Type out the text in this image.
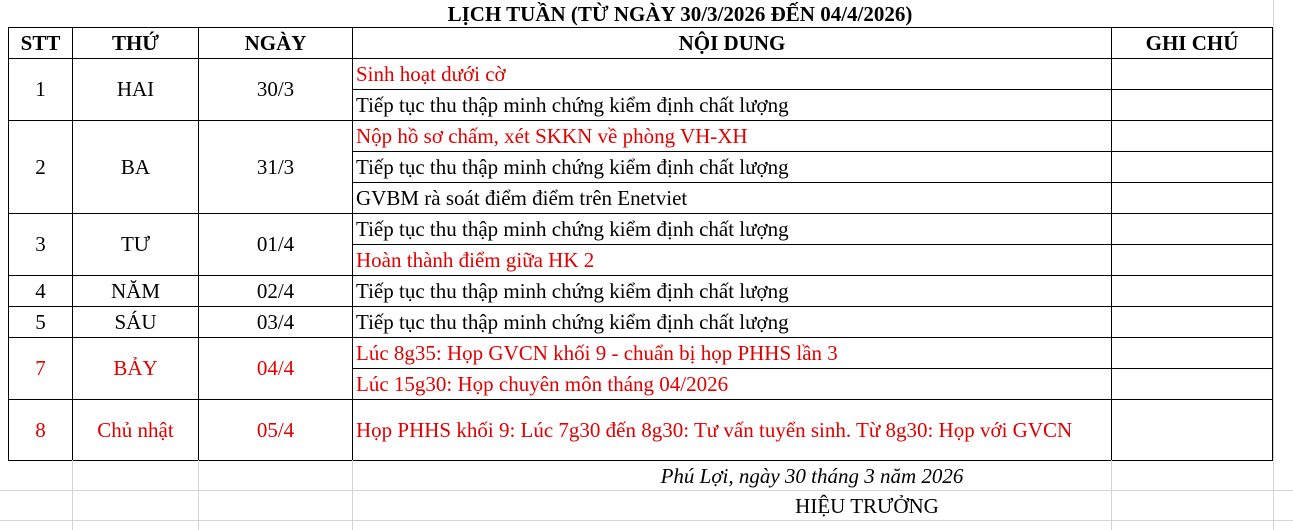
LỊCH TUẦN (TỪ NGÀY 30/3/2026 ĐẾN 04/4/2026)
STT	THỨ	NGÀY	NỘI DUNG	GHI CHÚ
1	HAI	30/3	Sinh hoạt dưới cờ	
			Tiếp tục thu thập minh chứng kiểm định chất lượng	
2	BA	31/3	Nộp hồ sơ chấm, xét SKKN về phòng VH-XH	
			Tiếp tục thu thập minh chứng kiểm định chất lượng	
			GVBM rà soát điểm điểm trên Enetviet	
3	TƯ	01/4	Tiếp tục thu thập minh chứng kiểm định chất lượng	
			Hoàn thành điểm giữa HK 2	
4	NĂM	02/4	Tiếp tục thu thập minh chứng kiểm định chất lượng	
5	SÁU	03/4	Tiếp tục thu thập minh chứng kiểm định chất lượng	
7	BẢY	04/4	Lúc 8g35: Họp GVCN khối 9 - chuẩn bị họp PHHS lần 3	
			Lúc 15g30: Họp chuyên môn tháng 04/2026	
8	Chủ nhật	05/4	Họp PHHS khối 9: Lúc 7g30 đến 8g30: Tư vấn tuyển sinh. Từ 8g30: Họp với GVCN	
Phú Lợi, ngày 30 tháng 3 năm 2026
HIỆU TRƯỞNG
